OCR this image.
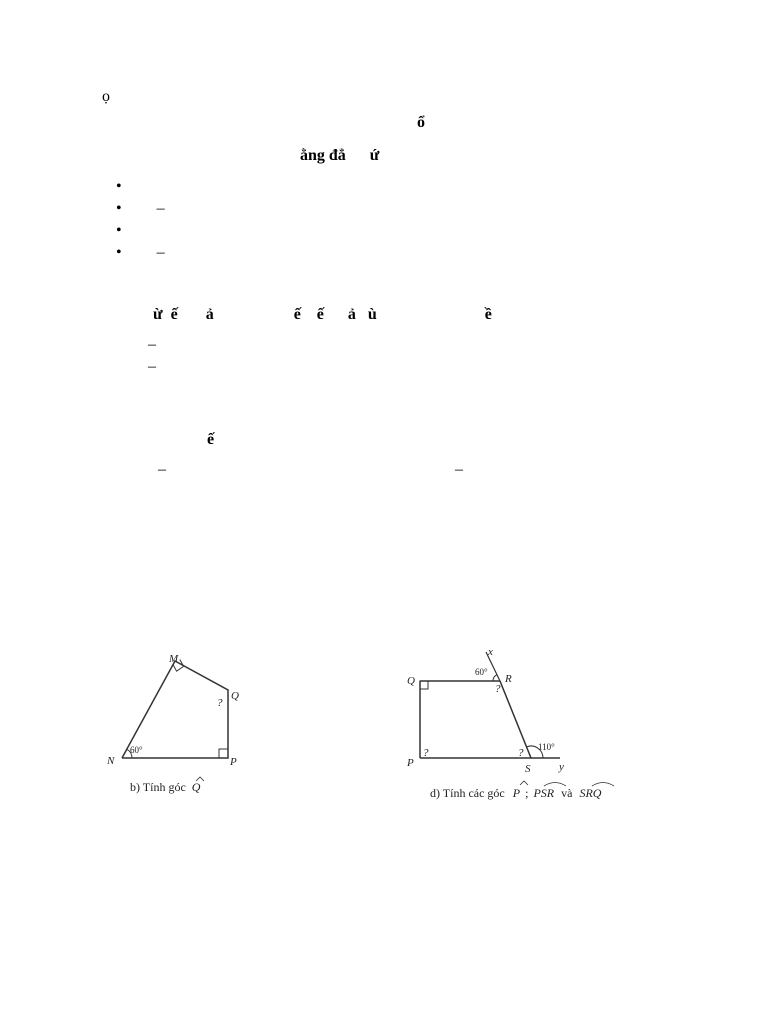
ọ
ổ
ằng đẳ      ứ
•
• –
•
• –
ừ  ế       ả                    ế    ế      ả   ù                           ề
–
–
ế
–	–
M
N	P
Q
60°
?
b) Tính góc Q
x
Q	R
P	S	y
60°
110°
?
?	?
d) Tính các góc P ; PSR và SRQ
